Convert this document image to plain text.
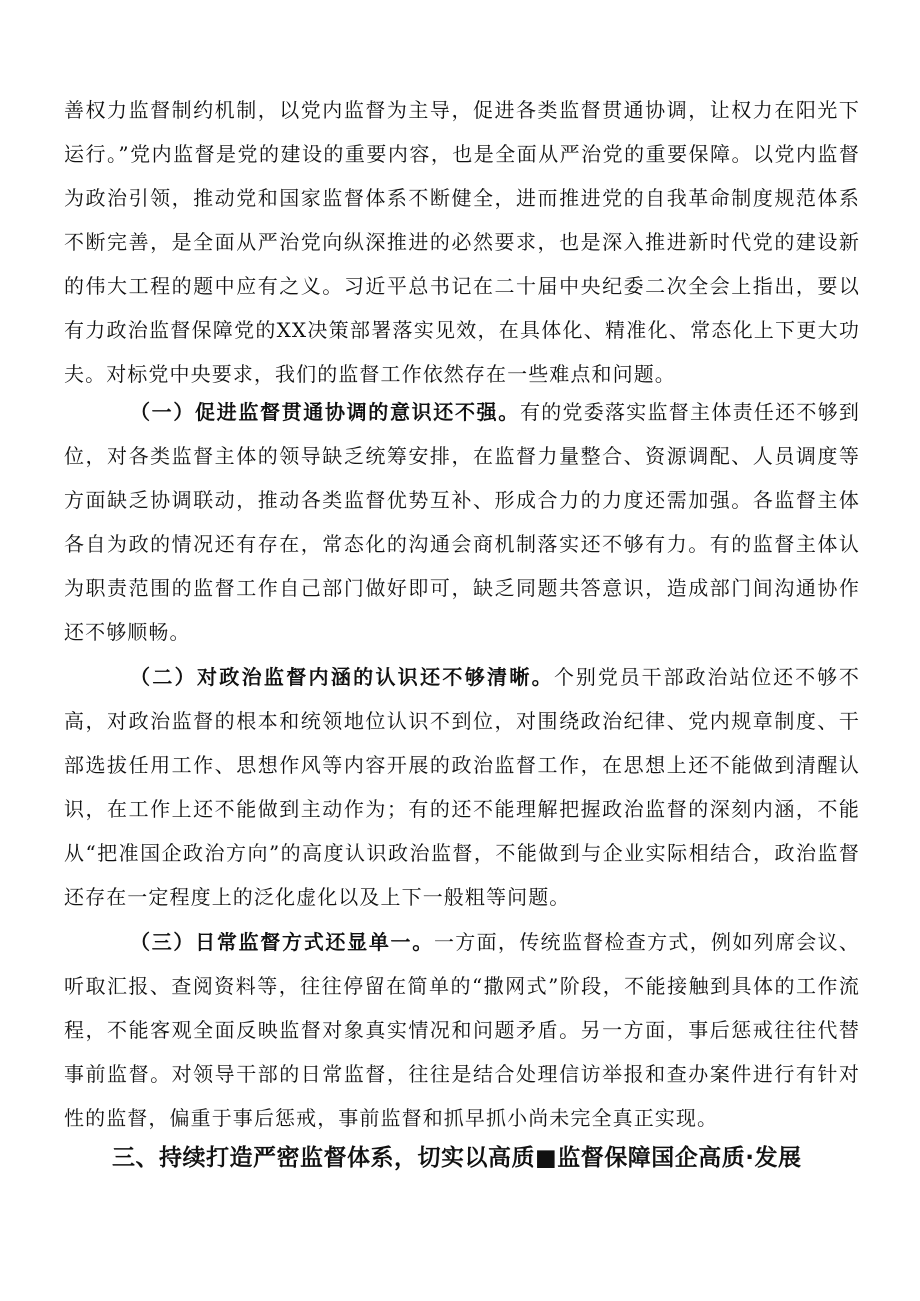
善权力监督制约机制，以党内监督为主导，促进各类监督贯通协调，让权力在阳光下运行。”党内监督是党的建设的重要内容，也是全面从严治党的重要保障。以党内监督为政治引领，推动党和国家监督体系不断健全，进而推进党的自我革命制度规范体系不断完善，是全面从严治党向纵深推进的必然要求，也是深入推进新时代党的建设新的伟大工程的题中应有之义。习近平总书记在二十届中央纪委二次全会上指出，要以有力政治监督保障党的XX决策部署落实见效，在具体化、精准化、常态化上下更大功夫。对标党中央要求，我们的监督工作依然存在一些难点和问题。

（一）促进监督贯通协调的意识还不强。有的党委落实监督主体责任还不够到位，对各类监督主体的领导缺乏统筹安排，在监督力量整合、资源调配、人员调度等方面缺乏协调联动，推动各类监督优势互补、形成合力的力度还需加强。各监督主体各自为政的情况还有存在，常态化的沟通会商机制落实还不够有力。有的监督主体认为职责范围的监督工作自己部门做好即可，缺乏同题共答意识，造成部门间沟通协作还不够顺畅。

（二）对政治监督内涵的认识还不够清晰。个别党员干部政治站位还不够不高，对政治监督的根本和统领地位认识不到位，对围绕政治纪律、党内规章制度、干部选拔任用工作、思想作风等内容开展的政治监督工作，在思想上还不能做到清醒认识，在工作上还不能做到主动作为；有的还不能理解把握政治监督的深刻内涵，不能从“把准国企政治方向”的高度认识政治监督，不能做到与企业实际相结合，政治监督还存在一定程度上的泛化虚化以及上下一般粗等问题。

（三）日常监督方式还显单一。一方面，传统监督检查方式，例如列席会议、听取汇报、查阅资料等，往往停留在简单的“撒网式”阶段，不能接触到具体的工作流程，不能客观全面反映监督对象真实情况和问题矛盾。另一方面，事后惩戒往往代替事前监督。对领导干部的日常监督，往往是结合处理信访举报和查办案件进行有针对性的监督，偏重于事后惩戒，事前监督和抓早抓小尚未完全真正实现。

三、持续打造严密监督体系，切实以高质■监督保障国企高质·发展
